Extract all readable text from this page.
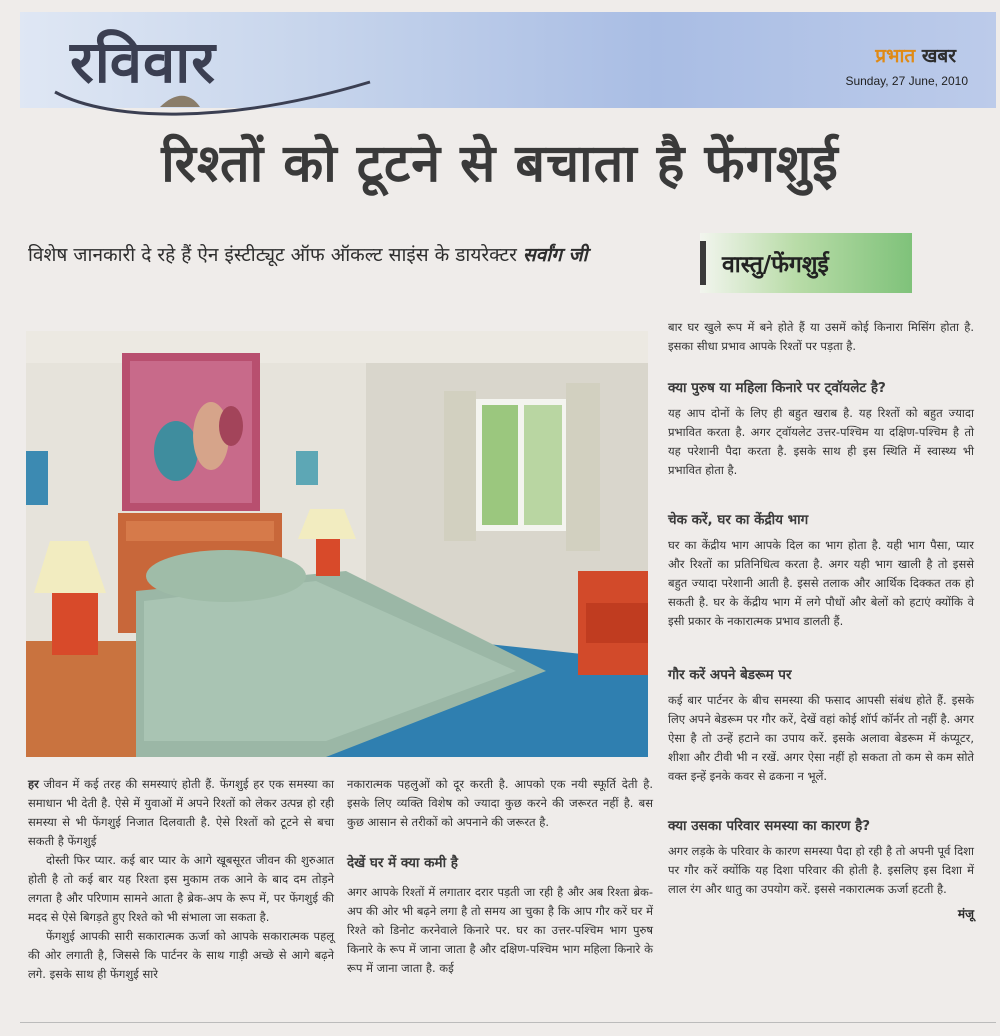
रविवार	प्रभात खबर
Sunday, 27 June, 2010
रिश्तों को टूटने से बचाता है फेंगशुई
विशेष जानकारी दे रहे हैं ऐन इंस्टीट्यूट ऑफ ऑकल्ट साइंस के डायरेक्टर सर्वांग जी	वास्तु/फेंगशुई

बार घर खुले रूप में बने होते हैं या उसमें कोई किनारा मिसिंग होता है. इसका सीधा प्रभाव आपके रिश्तों पर पड़ता है.

क्या पुरुष या महिला किनारे पर ट्वॉयलेट है?

यह आप दोनों के लिए ही बहुत खराब है. यह रिश्तों को बहुत ज्यादा प्रभावित करता है. अगर ट्वॉयलेट उत्तर-पश्चिम या दक्षिण-पश्चिम है तो यह परेशानी पैदा करता है. इसके साथ ही इस स्थिति में स्वास्थ्य भी प्रभावित होता है.

चेक करें, घर का केंद्रीय भाग

घर का केंद्रीय भाग आपके दिल का भाग होता है. यही भाग पैसा, प्यार और रिश्तों का प्रतिनिधित्व करता है. अगर यही भाग खाली है तो इससे बहुत ज्यादा परेशानी आती है. इससे तलाक और आर्थिक दिक्कत तक हो सकती है. घर के केंद्रीय भाग में लगे पौधों और बेलों को हटाएं क्योंकि वे इसी प्रकार के नकारात्मक प्रभाव डालती हैं.

गौर करें अपने बेडरूम पर

कई बार पार्टनर के बीच समस्या की फसाद आपसी संबंध होते हैं. इसके लिए अपने बेडरूम पर गौर करें, देखें वहां कोई शॉर्प कॉर्नर तो नहीं है. अगर ऐसा है तो उन्हें हटाने का उपाय करें. इसके अलावा बेडरूम में कंप्यूटर, शीशा और टीवी भी न रखें. अगर ऐसा नहीं हो सकता तो कम से कम सोते वक्त इन्हें इनके कवर से ढकना न भूलें.

क्या उसका परिवार समस्या का कारण है?

अगर लड़के के परिवार के कारण समस्या पैदा हो रही है तो अपनी पूर्व दिशा पर गौर करें क्योंकि यह दिशा परिवार की होती है. इसलिए इस दिशा में लाल रंग और धातु का उपयोग करें. इससे नकारात्मक ऊर्जा हटती है.

मंजू

हर जीवन में कई तरह की समस्याएं होती हैं. फेंगशुई हर एक समस्या का समाधान भी देती है. ऐसे में युवाओं में अपने रिश्तों को लेकर उत्पन्न हो रही समस्या से भी फेंगशुई निजात दिलवाती है. ऐसे रिश्तों को टूटने से बचा सकती है फेंगशुई

दोस्ती फिर प्यार. कई बार प्यार के आगे खूबसूरत जीवन की शुरुआत होती है तो कई बार यह रिश्ता इस मुकाम तक आने के बाद दम तोड़ने लगता है और परिणाम सामने आता है ब्रेक-अप के रूप में, पर फेंगशुई की मदद से ऐसे बिगड़ते हुए रिश्ते को भी संभाला जा सकता है.

फेंगशुई आपकी सारी सकारात्मक ऊर्जा को आपके सकारात्मक पहलू की ओर लगाती है, जिससे कि पार्टनर के साथ गाड़ी अच्छे से आगे बढ़ने लगे. इसके साथ ही फेंगशुई सारे

नकारात्मक पहलुओं को दूर करती है. आपको एक नयी स्फूर्ति देती है. इसके लिए व्यक्ति विशेष को ज्यादा कुछ करने की जरूरत नहीं है. बस कुछ आसान से तरीकों को अपनाने की जरूरत है.

देखें घर में क्या कमी है

अगर आपके रिश्तों में लगातार दरार पड़ती जा रही है और अब रिश्ता ब्रेक-अप की ओर भी बढ़ने लगा है तो समय आ चुका है कि आप गौर करें घर में रिश्ते को डिनोट करनेवाले किनारे पर. घर का उत्तर-पश्चिम भाग पुरुष किनारे के रूप में जाना जाता है और दक्षिण-पश्चिम भाग महिला किनारे के रूप में जाना जाता है. कई
